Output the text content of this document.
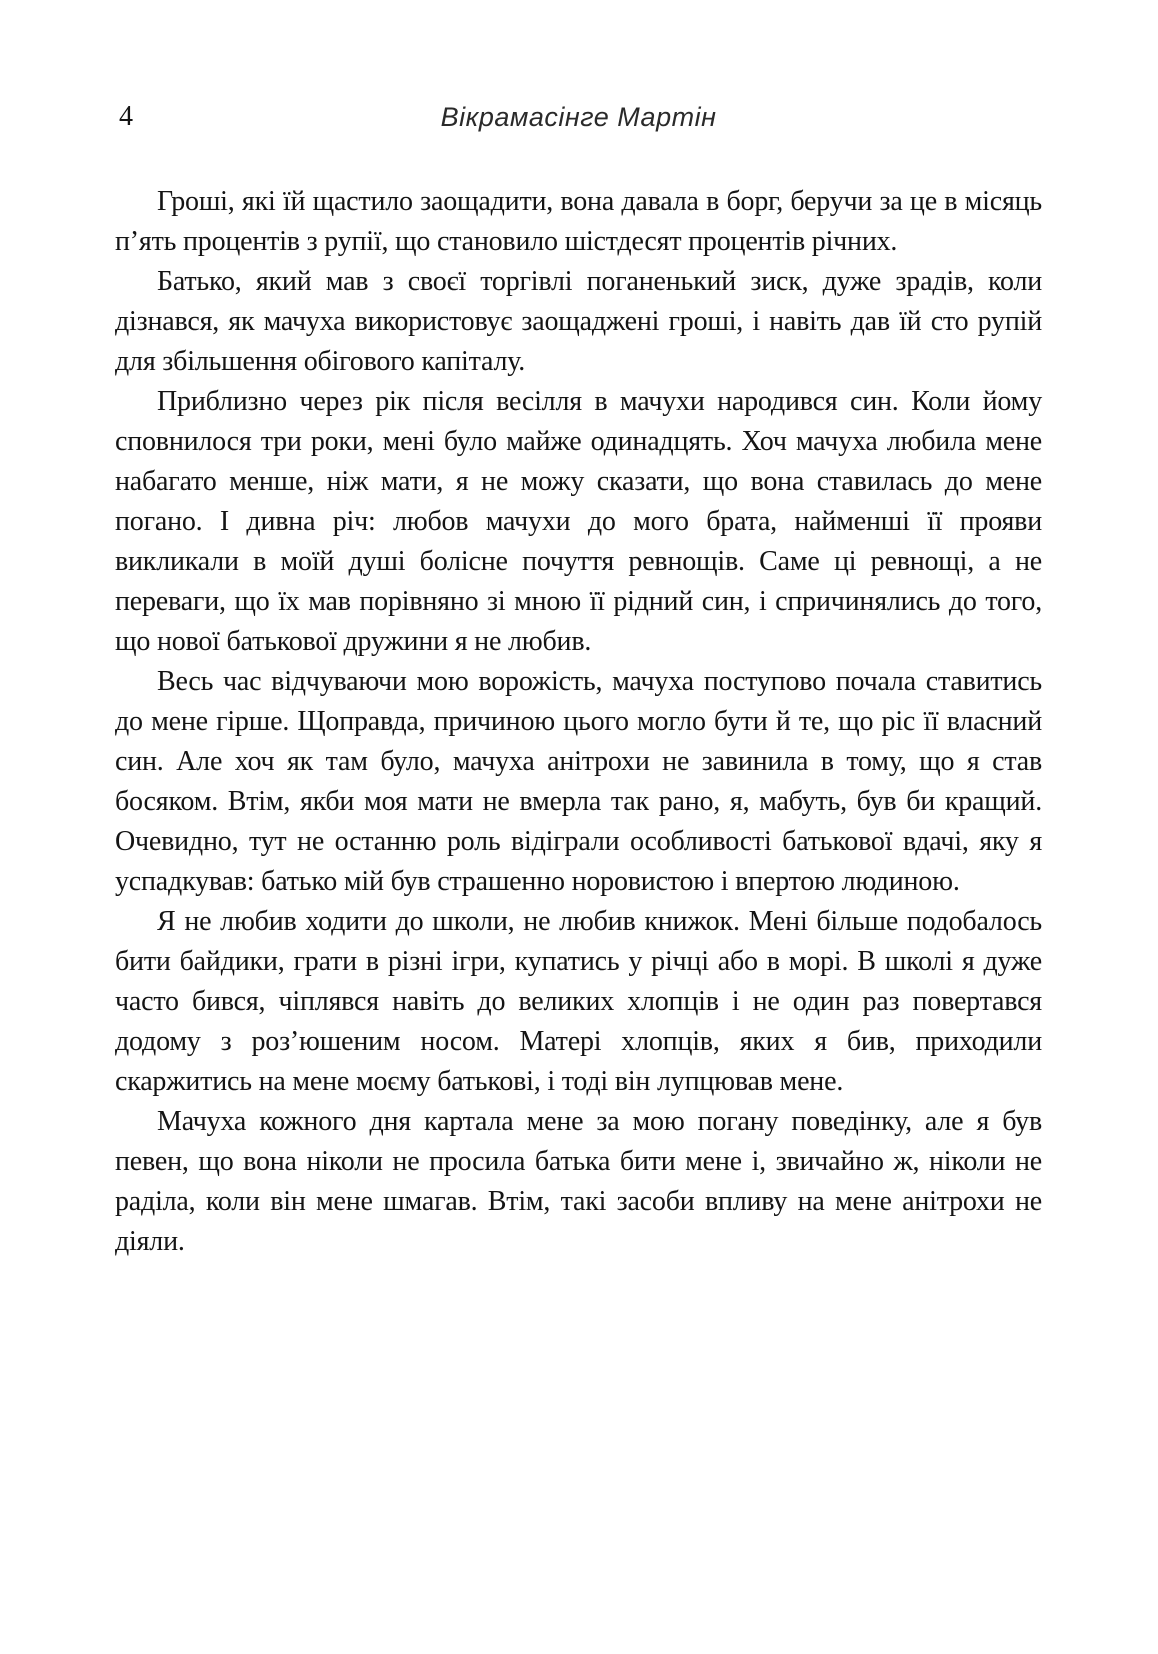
4	Вікрамасінге Мартін

Гроші, які їй щастило заощадити, вона давала в борг, беручи за це в місяць п’ять процентів з рупії, що становило шістдесят процентів річних.

Батько, який мав з своєї торгівлі поганенький зиск, дуже зрадів, коли дізнався, як мачуха використовує заощаджені гроші, і навіть дав їй сто рупій для збільшення обігового капіталу.

Приблизно через рік після весілля в мачухи народився син. Коли йому сповнилося три роки, мені було майже одинадцять. Хоч мачуха любила мене набагато менше, ніж мати, я не можу сказати, що вона ставилась до мене погано. І дивна річ: любов мачухи до мого брата, найменші її прояви викликали в моїй душі болісне почуття ревнощів. Саме ці ревнощі, а не переваги, що їх мав порівняно зі мною її рідний син, і спричинялись до того, що нової батькової дружини я не любив.

Весь час відчуваючи мою ворожість, мачуха поступово почала ставитись до мене гірше. Щоправда, причиною цього могло бути й те, що ріс її власний син. Але хоч як там було, мачуха анітрохи не завинила в тому, що я став босяком. Втім, якби моя мати не вмерла так рано, я, мабуть, був би кращий. Очевидно, тут не останню роль відіграли особливості батькової вдачі, яку я успадкував: батько мій був страшенно норовистою і впертою людиною.

Я не любив ходити до школи, не любив книжок. Мені більше подобалось бити байдики, грати в різні ігри, купатись у річці або в морі. В школі я дуже часто бився, чіплявся навіть до великих хлопців і не один раз повертався додому з роз’юшеним носом. Матері хлопців, яких я бив, приходили скаржитись на мене моєму батькові, і тоді він лупцював мене.

Мачуха кожного дня картала мене за мою погану поведінку, але я був певен, що вона ніколи не просила батька бити мене і, звичайно ж, ніколи не раділа, коли він мене шмагав. Втім, такі засоби впливу на мене анітрохи не діяли.
